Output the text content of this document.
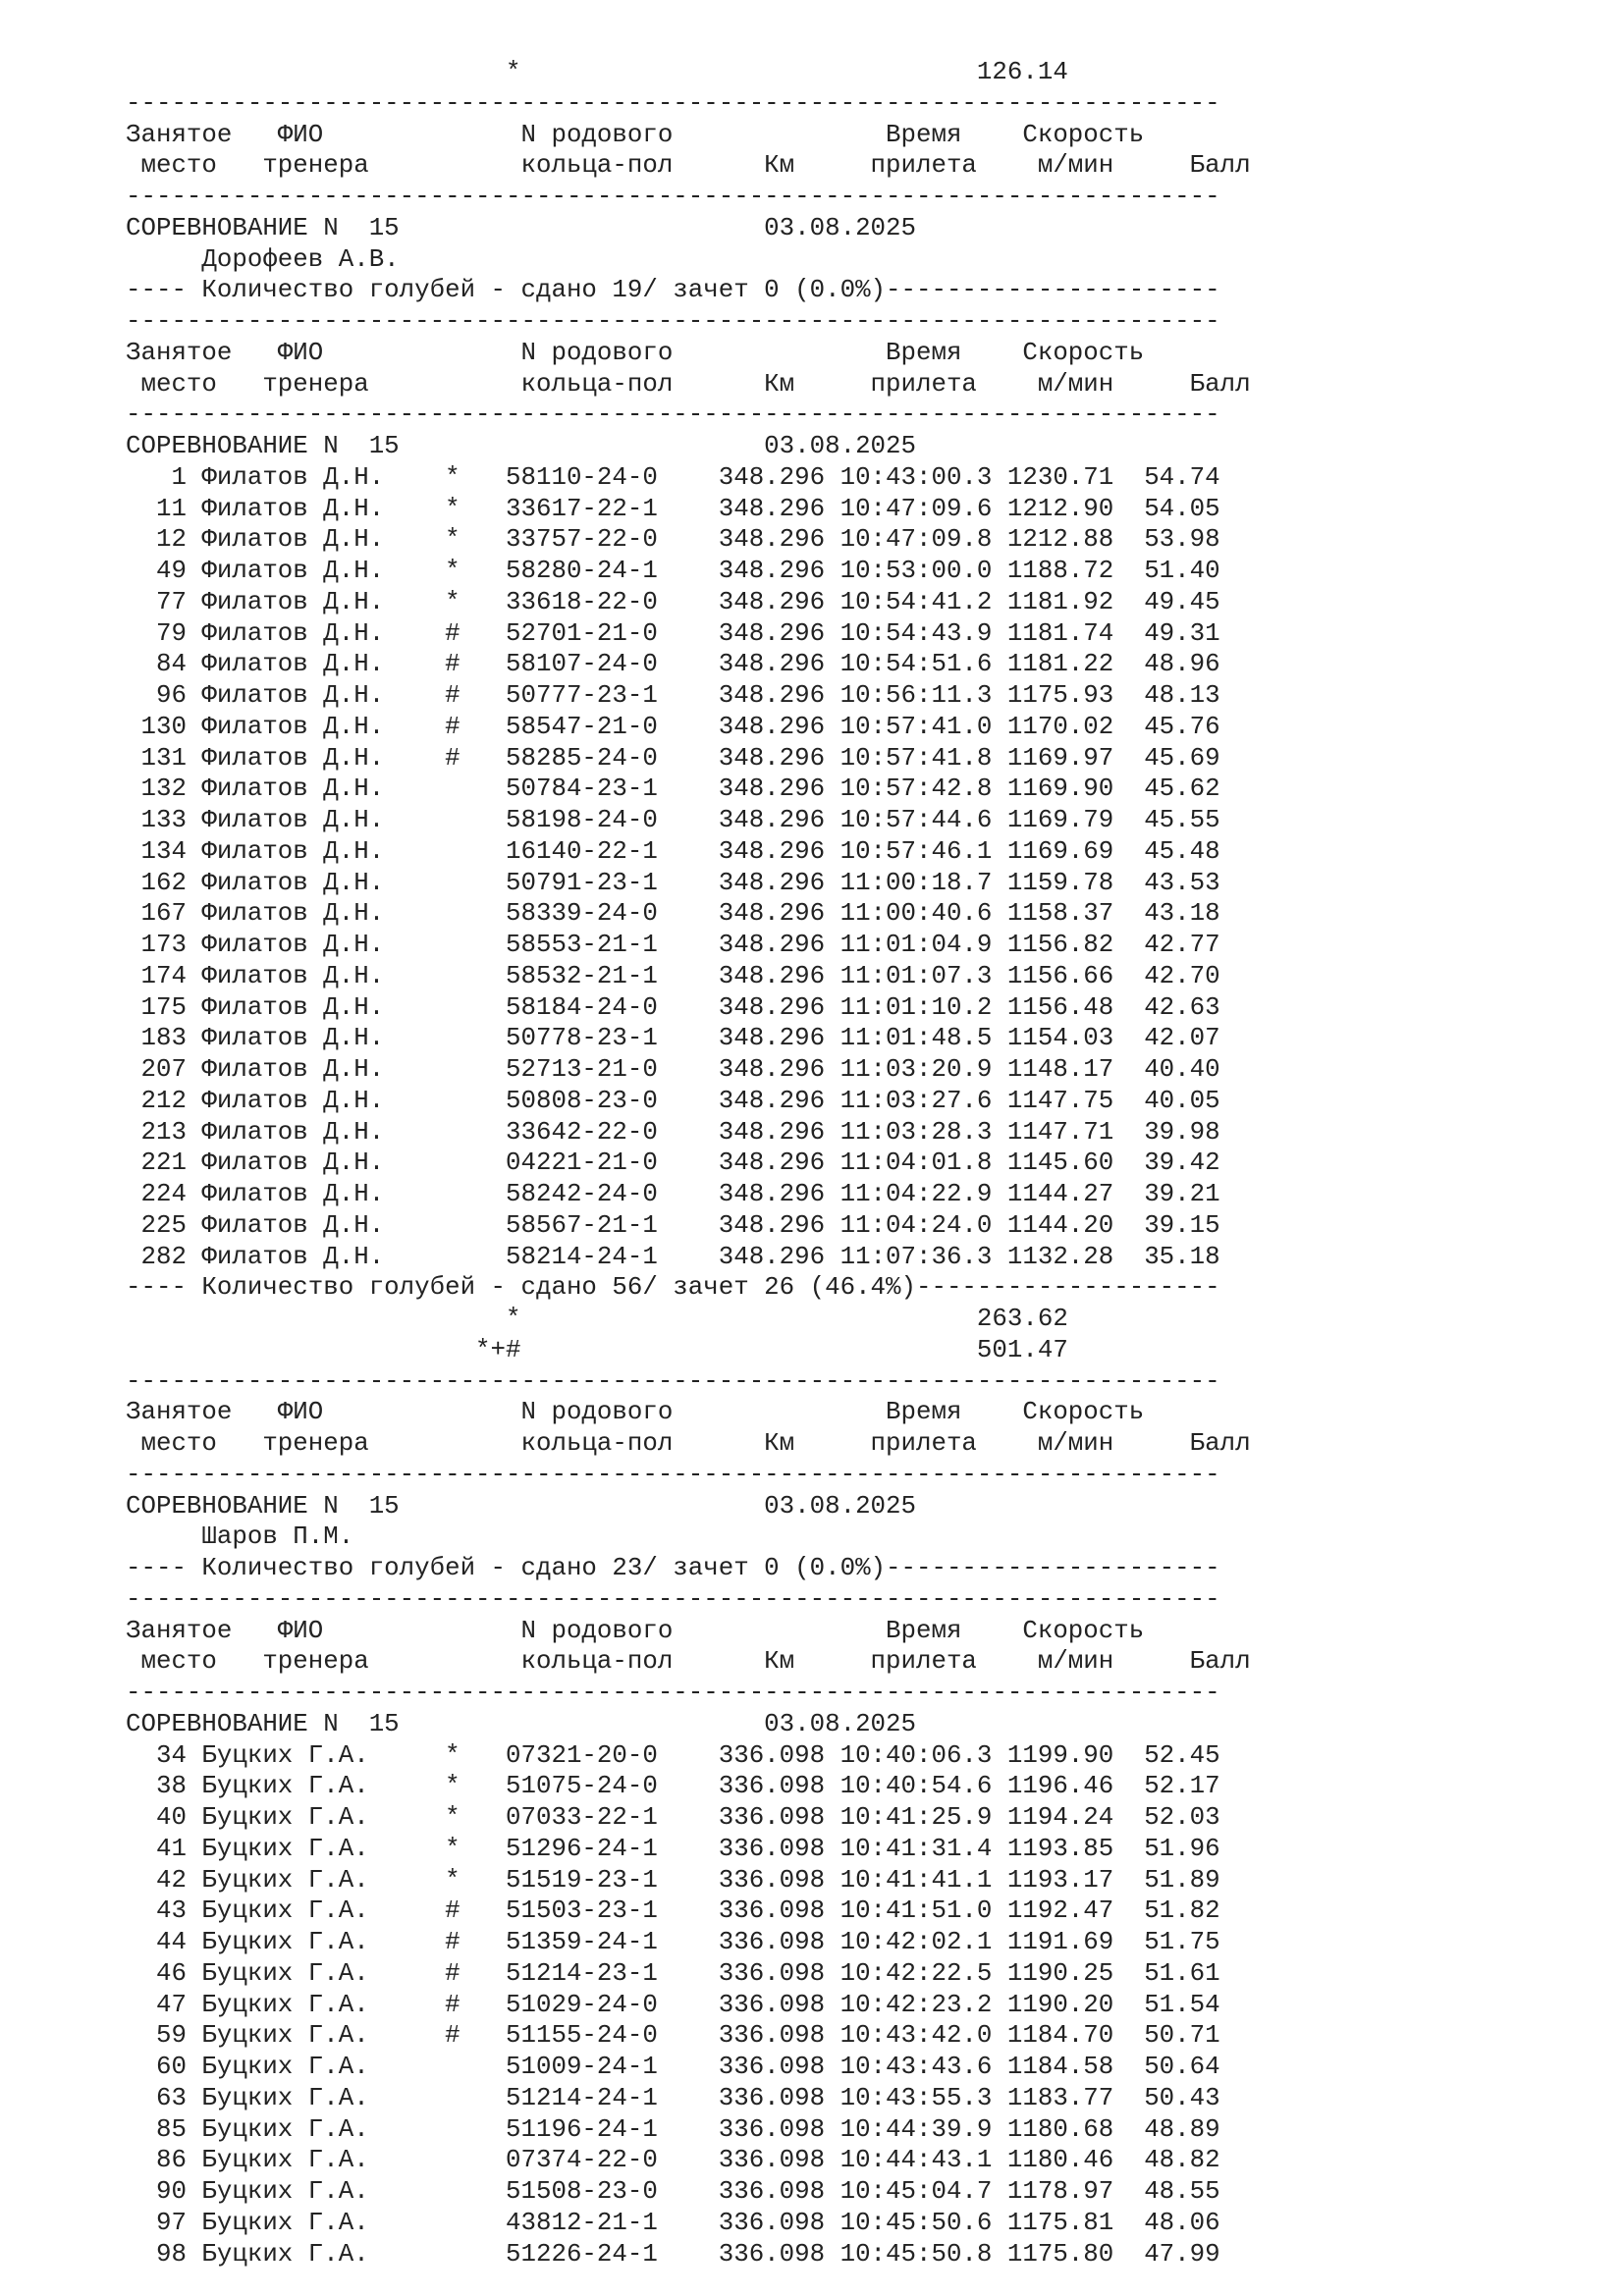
*                              126.14
------------------------------------------------------------------------
Занятое   ФИО             N родового              Время    Скорость
место   тренера          кольца-пол      Км     прилета    м/мин     Балл
------------------------------------------------------------------------
СОРЕВНОВАНИЕ N  15                        03.08.2025
Дорофеев А.В.
---- Количество голубей - сдано 19/ зачет 0 (0.0%)----------------------
------------------------------------------------------------------------
Занятое   ФИО             N родового              Время    Скорость
место   тренера          кольца-пол      Км     прилета    м/мин     Балл
------------------------------------------------------------------------
СОРЕВНОВАНИЕ N  15                        03.08.2025
1 Филатов Д.Н.    *   58110-24-0    348.296 10:43:00.3 1230.71  54.74
11 Филатов Д.Н.    *   33617-22-1    348.296 10:47:09.6 1212.90  54.05
12 Филатов Д.Н.    *   33757-22-0    348.296 10:47:09.8 1212.88  53.98
49 Филатов Д.Н.    *   58280-24-1    348.296 10:53:00.0 1188.72  51.40
77 Филатов Д.Н.    *   33618-22-0    348.296 10:54:41.2 1181.92  49.45
79 Филатов Д.Н.    #   52701-21-0    348.296 10:54:43.9 1181.74  49.31
84 Филатов Д.Н.    #   58107-24-0    348.296 10:54:51.6 1181.22  48.96
96 Филатов Д.Н.    #   50777-23-1    348.296 10:56:11.3 1175.93  48.13
130 Филатов Д.Н.    #   58547-21-0    348.296 10:57:41.0 1170.02  45.76
131 Филатов Д.Н.    #   58285-24-0    348.296 10:57:41.8 1169.97  45.69
132 Филатов Д.Н.        50784-23-1    348.296 10:57:42.8 1169.90  45.62
133 Филатов Д.Н.        58198-24-0    348.296 10:57:44.6 1169.79  45.55
134 Филатов Д.Н.        16140-22-1    348.296 10:57:46.1 1169.69  45.48
162 Филатов Д.Н.        50791-23-1    348.296 11:00:18.7 1159.78  43.53
167 Филатов Д.Н.        58339-24-0    348.296 11:00:40.6 1158.37  43.18
173 Филатов Д.Н.        58553-21-1    348.296 11:01:04.9 1156.82  42.77
174 Филатов Д.Н.        58532-21-1    348.296 11:01:07.3 1156.66  42.70
175 Филатов Д.Н.        58184-24-0    348.296 11:01:10.2 1156.48  42.63
183 Филатов Д.Н.        50778-23-1    348.296 11:01:48.5 1154.03  42.07
207 Филатов Д.Н.        52713-21-0    348.296 11:03:20.9 1148.17  40.40
212 Филатов Д.Н.        50808-23-0    348.296 11:03:27.6 1147.75  40.05
213 Филатов Д.Н.        33642-22-0    348.296 11:03:28.3 1147.71  39.98
221 Филатов Д.Н.        04221-21-0    348.296 11:04:01.8 1145.60  39.42
224 Филатов Д.Н.        58242-24-0    348.296 11:04:22.9 1144.27  39.21
225 Филатов Д.Н.        58567-21-1    348.296 11:04:24.0 1144.20  39.15
282 Филатов Д.Н.        58214-24-1    348.296 11:07:36.3 1132.28  35.18
---- Количество голубей - сдано 56/ зачет 26 (46.4%)--------------------
*                              263.62
*+#                              501.47
------------------------------------------------------------------------
Занятое   ФИО             N родового              Время    Скорость
место   тренера          кольца-пол      Км     прилета    м/мин     Балл
------------------------------------------------------------------------
СОРЕВНОВАНИЕ N  15                        03.08.2025
Шаров П.М.
---- Количество голубей - сдано 23/ зачет 0 (0.0%)----------------------
------------------------------------------------------------------------
Занятое   ФИО             N родового              Время    Скорость
место   тренера          кольца-пол      Км     прилета    м/мин     Балл
------------------------------------------------------------------------
СОРЕВНОВАНИЕ N  15                        03.08.2025
34 Буцких Г.А.     *   07321-20-0    336.098 10:40:06.3 1199.90  52.45
38 Буцких Г.А.     *   51075-24-0    336.098 10:40:54.6 1196.46  52.17
40 Буцких Г.А.     *   07033-22-1    336.098 10:41:25.9 1194.24  52.03
41 Буцких Г.А.     *   51296-24-1    336.098 10:41:31.4 1193.85  51.96
42 Буцких Г.А.     *   51519-23-1    336.098 10:41:41.1 1193.17  51.89
43 Буцких Г.А.     #   51503-23-1    336.098 10:41:51.0 1192.47  51.82
44 Буцких Г.А.     #   51359-24-1    336.098 10:42:02.1 1191.69  51.75
46 Буцких Г.А.     #   51214-23-1    336.098 10:42:22.5 1190.25  51.61
47 Буцких Г.А.     #   51029-24-0    336.098 10:42:23.2 1190.20  51.54
59 Буцких Г.А.     #   51155-24-0    336.098 10:43:42.0 1184.70  50.71
60 Буцких Г.А.         51009-24-1    336.098 10:43:43.6 1184.58  50.64
63 Буцких Г.А.         51214-24-1    336.098 10:43:55.3 1183.77  50.43
85 Буцких Г.А.         51196-24-1    336.098 10:44:39.9 1180.68  48.89
86 Буцких Г.А.         07374-22-0    336.098 10:44:43.1 1180.46  48.82
90 Буцких Г.А.         51508-23-0    336.098 10:45:04.7 1178.97  48.55
97 Буцких Г.А.         43812-21-1    336.098 10:45:50.6 1175.81  48.06
98 Буцких Г.А.         51226-24-1    336.098 10:45:50.8 1175.80  47.99
